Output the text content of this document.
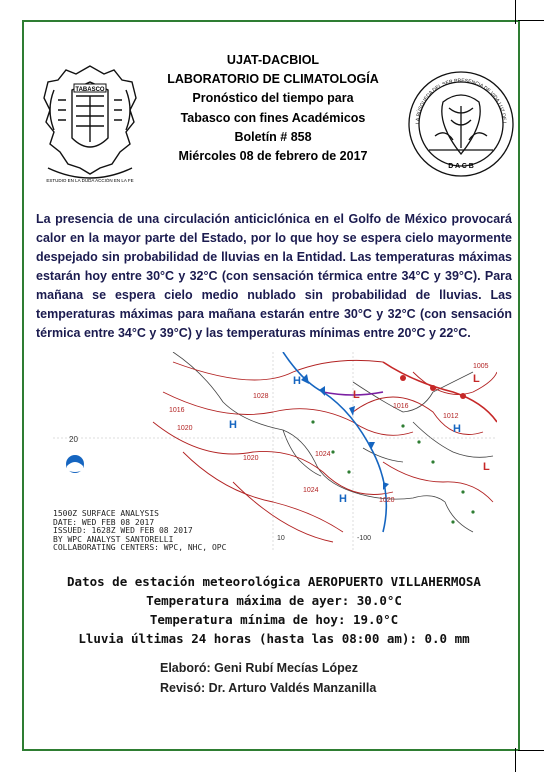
TABASCO
ESTUDIO EN LA DUDA ACCIÓN EN LA FE
LA BÚSQUEDA DEL SER PRESENCIA DE VIDA LUZ DE L
D A C B
UJAT-DACBIOL
LABORATORIO DE CLIMATOLOGÍA
Pronóstico del tiempo para
Tabasco con fines Académicos
Boletín # 858
Miércoles 08 de febrero de 2017
La presencia de una circulación anticiclónica en el Golfo de México provocará calor en la mayor parte del Estado, por lo que hoy se espera cielo mayormente despejado sin probabilidad de lluvias en la Entidad. Las temperaturas máximas estarán hoy entre 30°C y 32°C (con sensación térmica entre 34°C y 39°C). Para mañana se espera cielo medio nublado sin probabilidad de lluvias. Las temperaturas máximas para mañana estarán entre 30°C y 32°C (con sensación térmica entre 34°C y 39°C) y las temperaturas mínimas entre 20°C y 22°C.
1016
1020
1024
1028
1020
1016
1012
1005
1020
1024
H
H
H
L
L
L
H
20
10	-100
1500Z SURFACE ANALYSIS
DATE: WED FEB 08 2017
ISSUED: 1628Z WED FEB 08 2017
BY WPC ANALYST SANTORELLI
COLLABORATING CENTERS: WPC, NHC, OPC
Datos de estación meteorológica AEROPUERTO VILLAHERMOSA
Temperatura máxima de ayer: 30.0°C
Temperatura mínima de hoy: 19.0°C
Lluvia últimas 24 horas (hasta las 08:00 am): 0.0 mm
Elaboró: Geni Rubí Mecías López
Revisó: Dr. Arturo Valdés Manzanilla
